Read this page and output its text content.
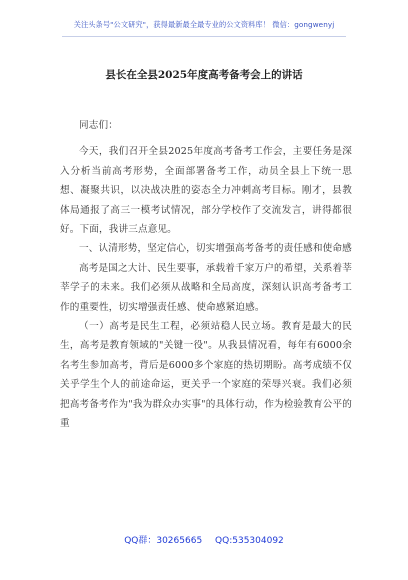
关注头条号"公文研究"，获得最新最全最专业的公文资料库！ 微信：gongwenyj
县长在全县2025年度高考备考会上的讲话

同志们：

今天，我们召开全县2025年度高考备考工作会，主要任务是深入分析当前高考形势，全面部署备考工作，动员全县上下统一思想、凝聚共识，以决战决胜的姿态全力冲刺高考目标。刚才，县教体局通报了高三一模考试情况，部分学校作了交流发言，讲得都很好。下面，我讲三点意见。

一、认清形势，坚定信心，切实增强高考备考的责任感和使命感

高考是国之大计、民生要事，承载着千家万户的希望，关系着莘莘学子的未来。我们必须从战略和全局高度，深刻认识高考备考工作的重要性，切实增强责任感、使命感紧迫感。

（一）高考是民生工程，必须站稳人民立场。教育是最大的民生，高考是教育领域的"关键一役"。从我县情况看，每年有6000余名考生参加高考，背后是6000多个家庭的热切期盼。高考成绩不仅关乎学生个人的前途命运，更关乎一个家庭的荣辱兴衰。我们必须把高考备考作为"我为群众办实事"的具体行动，作为检验教育公平的重

QQ群：30265665 QQ:535304092
